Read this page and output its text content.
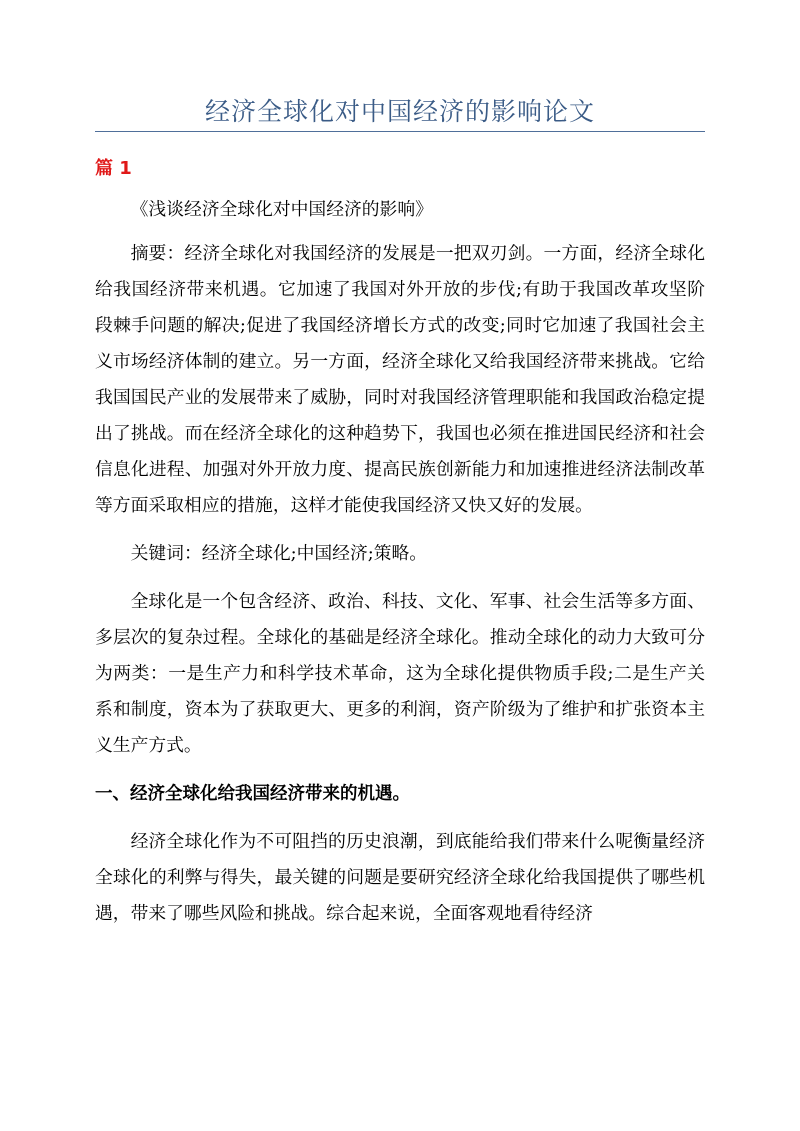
经济全球化对中国经济的影响论文
篇 1

《浅谈经济全球化对中国经济的影响》

摘要：经济全球化对我国经济的发展是一把双刃剑。一方面，经济全球化给我国经济带来机遇。它加速了我国对外开放的步伐;有助于我国改革攻坚阶段棘手问题的解决;促进了我国经济增长方式的改变;同时它加速了我国社会主义市场经济体制的建立。另一方面，经济全球化又给我国经济带来挑战。它给我国国民产业的发展带来了威胁，同时对我国经济管理职能和我国政治稳定提出了挑战。而在经济全球化的这种趋势下，我国也必须在推进国民经济和社会信息化进程、加强对外开放力度、提高民族创新能力和加速推进经济法制改革等方面采取相应的措施，这样才能使我国经济又快又好的发展。

关键词：经济全球化;中国经济;策略。

全球化是一个包含经济、政治、科技、文化、军事、社会生活等多方面、多层次的复杂过程。全球化的基础是经济全球化。推动全球化的动力大致可分为两类：一是生产力和科学技术革命，这为全球化提供物质手段;二是生产关系和制度，资本为了获取更大、更多的利润，资产阶级为了维护和扩张资本主义生产方式。

一、经济全球化给我国经济带来的机遇。

经济全球化作为不可阻挡的历史浪潮，到底能给我们带来什么呢衡量经济全球化的利弊与得失，最关键的问题是要研究经济全球化给我国提供了哪些机遇，带来了哪些风险和挑战。综合起来说，全面客观地看待经济
